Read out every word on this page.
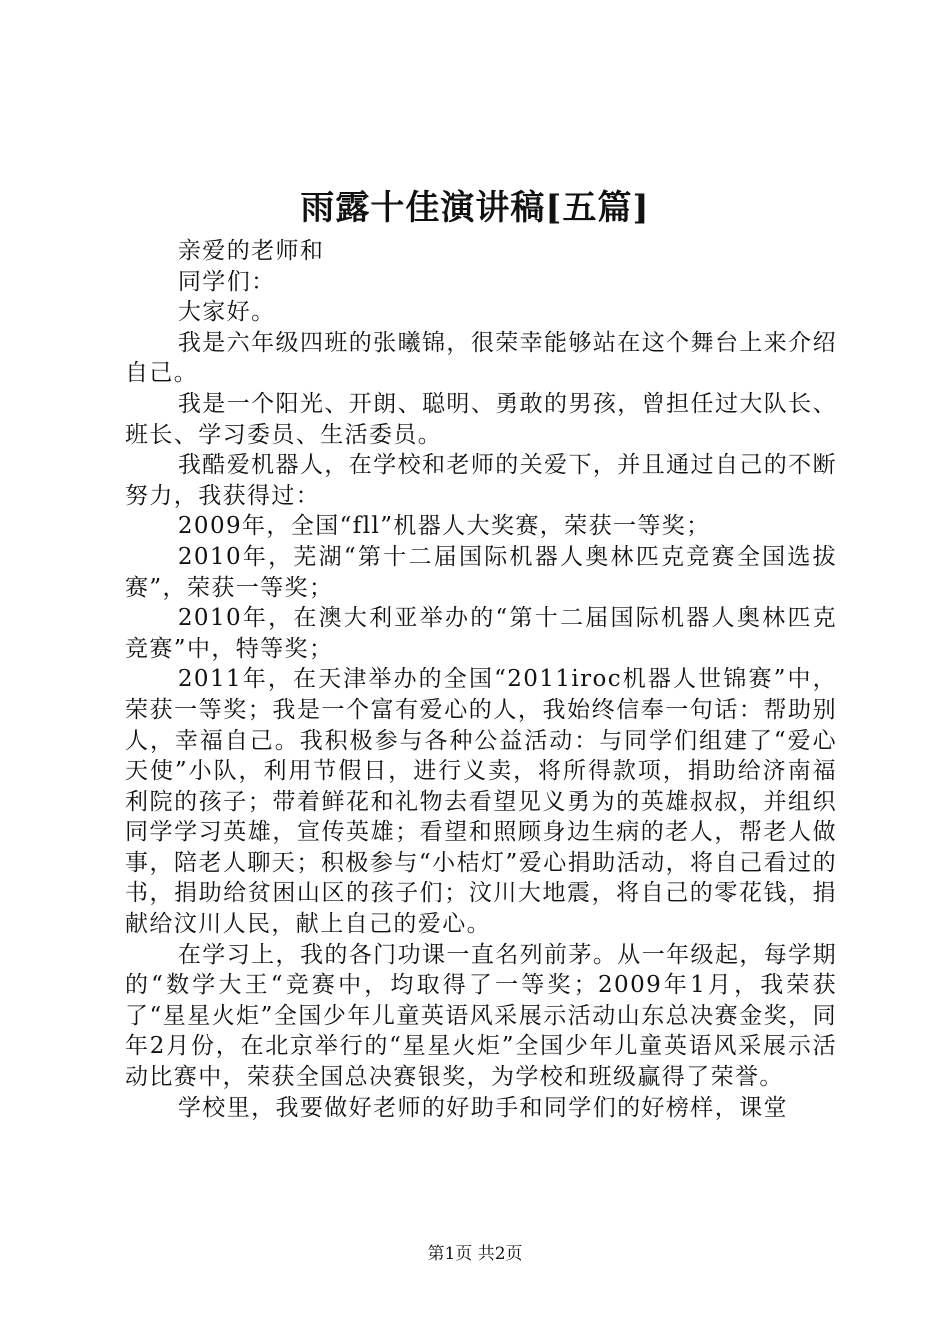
雨露十佳演讲稿[五篇]

亲爱的老师和

同学们：

大家好。

我是六年级四班的张曦锦，很荣幸能够站在这个舞台上来介绍自己。

我是一个阳光、开朗、聪明、勇敢的男孩，曾担任过大队长、班长、学习委员、生活委员。

我酷爱机器人，在学校和老师的关爱下，并且通过自己的不断努力，我获得过：

2009年，全国“fll”机器人大奖赛，荣获一等奖；

2010年，芜湖“第十二届国际机器人奥林匹克竞赛全国选拔赛”，荣获一等奖；

2010年，在澳大利亚举办的“第十二届国际机器人奥林匹克竞赛”中，特等奖；

2011年，在天津举办的全国“2011iroc机器人世锦赛”中，荣获一等奖；我是一个富有爱心的人，我始终信奉一句话：帮助别人，幸福自己。我积极参与各种公益活动：与同学们组建了“爱心天使”小队，利用节假日，进行义卖，将所得款项，捐助给济南福利院的孩子；带着鲜花和礼物去看望见义勇为的英雄叔叔，并组织同学学习英雄，宣传英雄；看望和照顾身边生病的老人，帮老人做事，陪老人聊天；积极参与“小桔灯”爱心捐助活动，将自己看过的书，捐助给贫困山区的孩子们；汶川大地震，将自己的零花钱，捐献给汶川人民，献上自己的爱心。

在学习上，我的各门功课一直名列前茅。从一年级起，每学期的“数学大王“竞赛中，均取得了一等奖；2009年1月，我荣获了“星星火炬”全国少年儿童英语风采展示活动山东总决赛金奖，同年2月份，在北京举行的“星星火炬”全国少年儿童英语风采展示活动比赛中，荣获全国总决赛银奖，为学校和班级赢得了荣誉。

学校里，我要做好老师的好助手和同学们的好榜样，课堂

第1页 共2页
